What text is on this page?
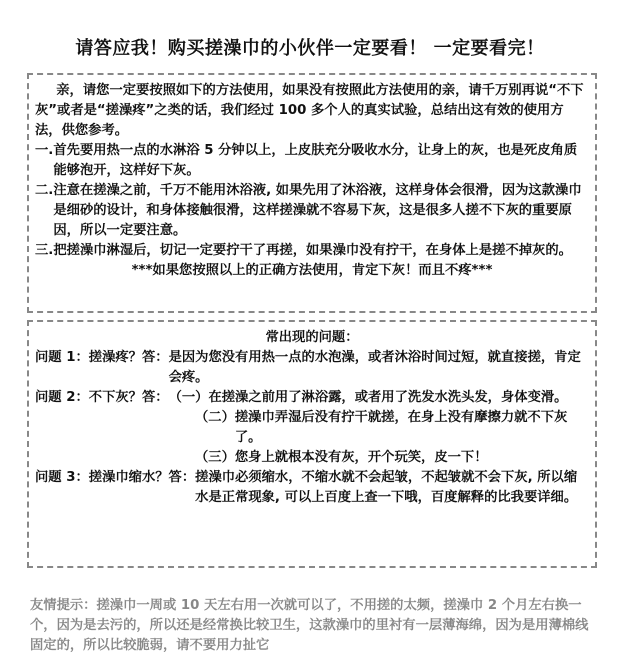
请答应我！购买搓澡巾的小伙伴一定要看！ 一定要看完！

亲，请您一定要按照如下的方法使用，如果没有按照此方法使用的亲，请千万别再说“不下灰”或者是“搓澡疼”之类的话，我们经过 100 多个人的真实试验，总结出这有效的使用方法，供您参考。

一. 首先要用热一点的水淋浴 5 分钟以上，上皮肤充分吸收水分，让身上的灰，也是死皮角质能够泡开，这样好下灰。
二. 注意在搓澡之前，千万不能用沐浴液, 如果先用了沐浴液，这样身体会很滑，因为这款澡巾是细砂的设计，和身体接触很滑，这样搓澡就不容易下灰，这是很多人搓不下灰的重要原因，所以一定要注意。
三. 把搓澡巾淋湿后，切记一定要拧干了再搓，如果澡巾没有拧干，在身体上是搓不掉灰的。

***如果您按照以上的正确方法使用，肯定下灰！而且不疼***

常出现的问题：

问题 1：搓澡疼？答： 是因为您没有用热一点的水泡澡，或者沐浴时间过短，就直接搓，肯定会疼。
问题 2：不下灰？答： （一） 在搓澡之前用了淋浴露，或者用了洗发水洗头发，身体变滑。
（二） 搓澡巾弄湿后没有拧干就搓，在身上没有摩擦力就不下灰了。
（三） 您身上就根本没有灰，开个玩笑，皮一下！
问题 3：搓澡巾缩水？答： 搓澡巾必须缩水，不缩水就不会起皱，不起皱就不会下灰, 所以缩水是正常现象, 可以上百度上查一下哦，百度解释的比我要详细。
友情提示：搓澡巾一周或 10 天左右用一次就可以了，不用搓的太频，搓澡巾 2 个月左右换一个，因为是去污的，所以还是经常换比较卫生，这款澡巾的里衬有一层薄海绵，因为是用薄棉线固定的，所以比较脆弱，请不要用力扯它
